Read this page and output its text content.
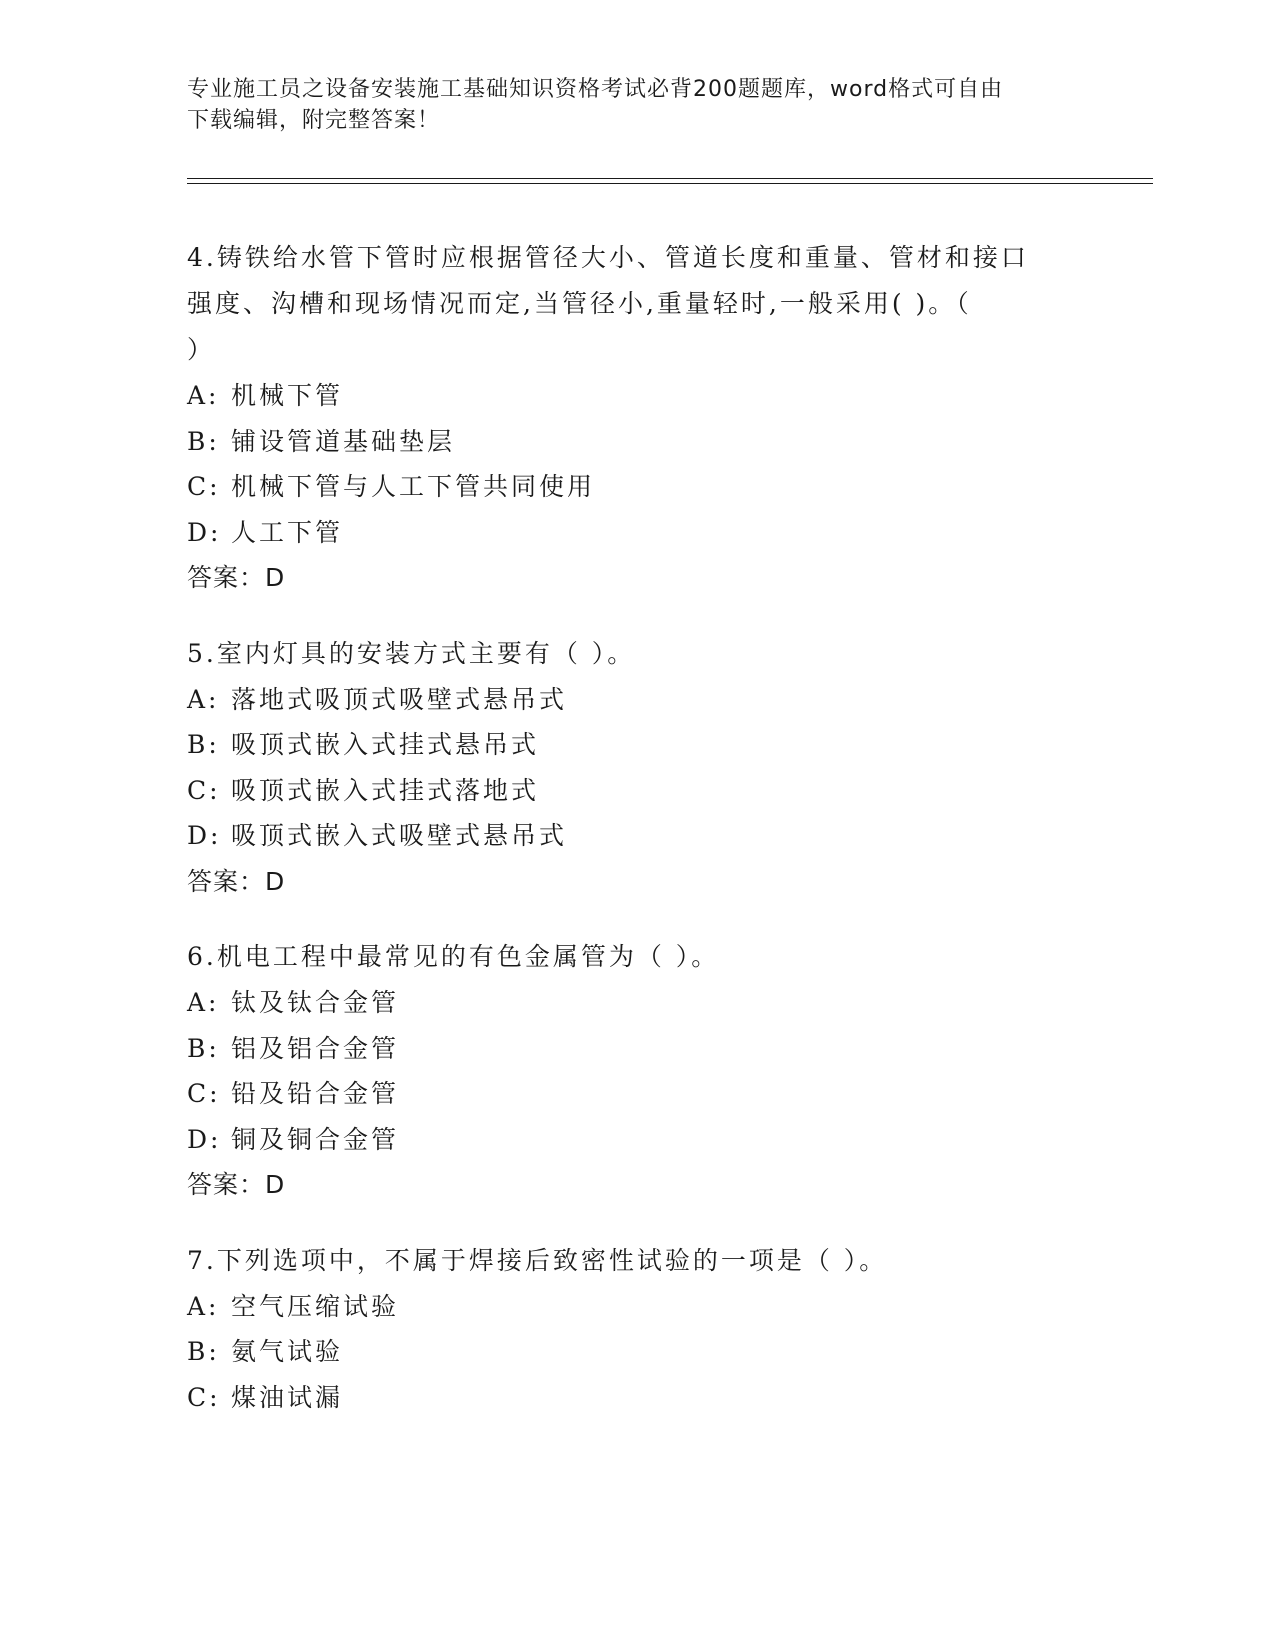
专业施工员之设备安装施工基础知识资格考试必背200题题库，word格式可自由
下载编辑，附完整答案！
4.铸铁给水管下管时应根据管径大小、管道长度和重量、管材和接口
强度、沟槽和现场情况而定,当管径小,重量轻时,一般采用( )。（
）
A: 机械下管
B: 铺设管道基础垫层
C: 机械下管与人工下管共同使用
D: 人工下管
答案：D
5.室内灯具的安装方式主要有（ ）。
A: 落地式吸顶式吸壁式悬吊式
B: 吸顶式嵌入式挂式悬吊式
C: 吸顶式嵌入式挂式落地式
D: 吸顶式嵌入式吸壁式悬吊式
答案：D
6.机电工程中最常见的有色金属管为（ ）。
A: 钛及钛合金管
B: 铝及铝合金管
C: 铅及铅合金管
D: 铜及铜合金管
答案：D
7.下列选项中，不属于焊接后致密性试验的一项是（ ）。
A: 空气压缩试验
B: 氨气试验
C: 煤油试漏
